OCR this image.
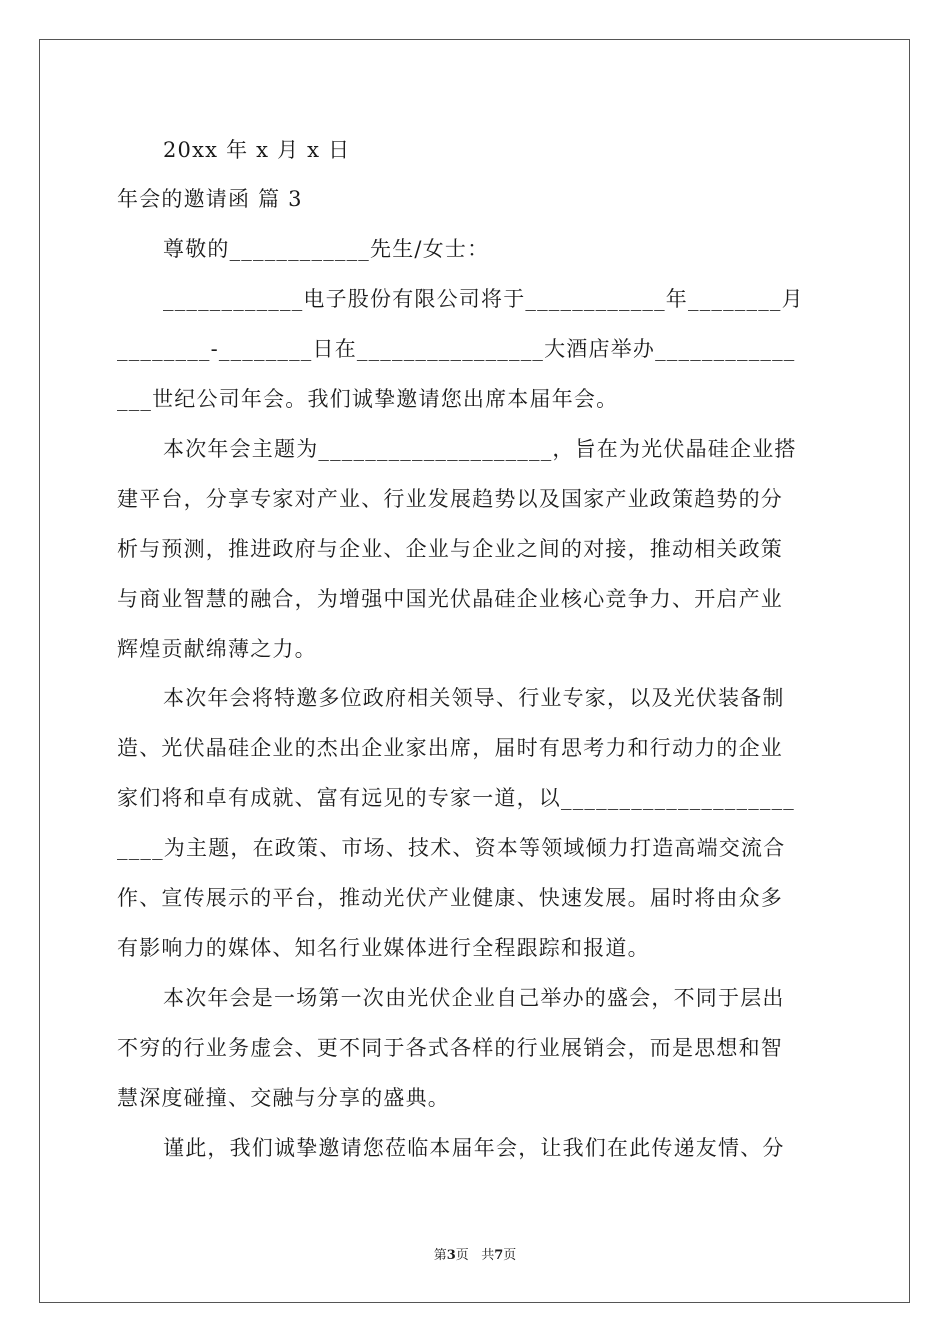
20xx 年 x 月 x 日
年会的邀请函 篇 3
尊敬的____________先生/女士：
____________电子股份有限公司将于____________年________月
________-________日在________________大酒店举办____________
___世纪公司年会。我们诚挚邀请您出席本届年会。
本次年会主题为____________________，旨在为光伏晶硅企业搭
建平台，分享专家对产业、行业发展趋势以及国家产业政策趋势的分
析与预测，推进政府与企业、企业与企业之间的对接，推动相关政策
与商业智慧的融合，为增强中国光伏晶硅企业核心竞争力、开启产业
辉煌贡献绵薄之力。
本次年会将特邀多位政府相关领导、行业专家，以及光伏装备制
造、光伏晶硅企业的杰出企业家出席，届时有思考力和行动力的企业
家们将和卓有成就、富有远见的专家一道，以____________________
____为主题，在政策、市场、技术、资本等领域倾力打造高端交流合
作、宣传展示的平台，推动光伏产业健康、快速发展。届时将由众多
有影响力的媒体、知名行业媒体进行全程跟踪和报道。
本次年会是一场第一次由光伏企业自己举办的盛会，不同于层出
不穷的行业务虚会、更不同于各式各样的行业展销会，而是思想和智
慧深度碰撞、交融与分享的盛典。
谨此，我们诚挚邀请您莅临本届年会，让我们在此传递友情、分
第3页 共7页
